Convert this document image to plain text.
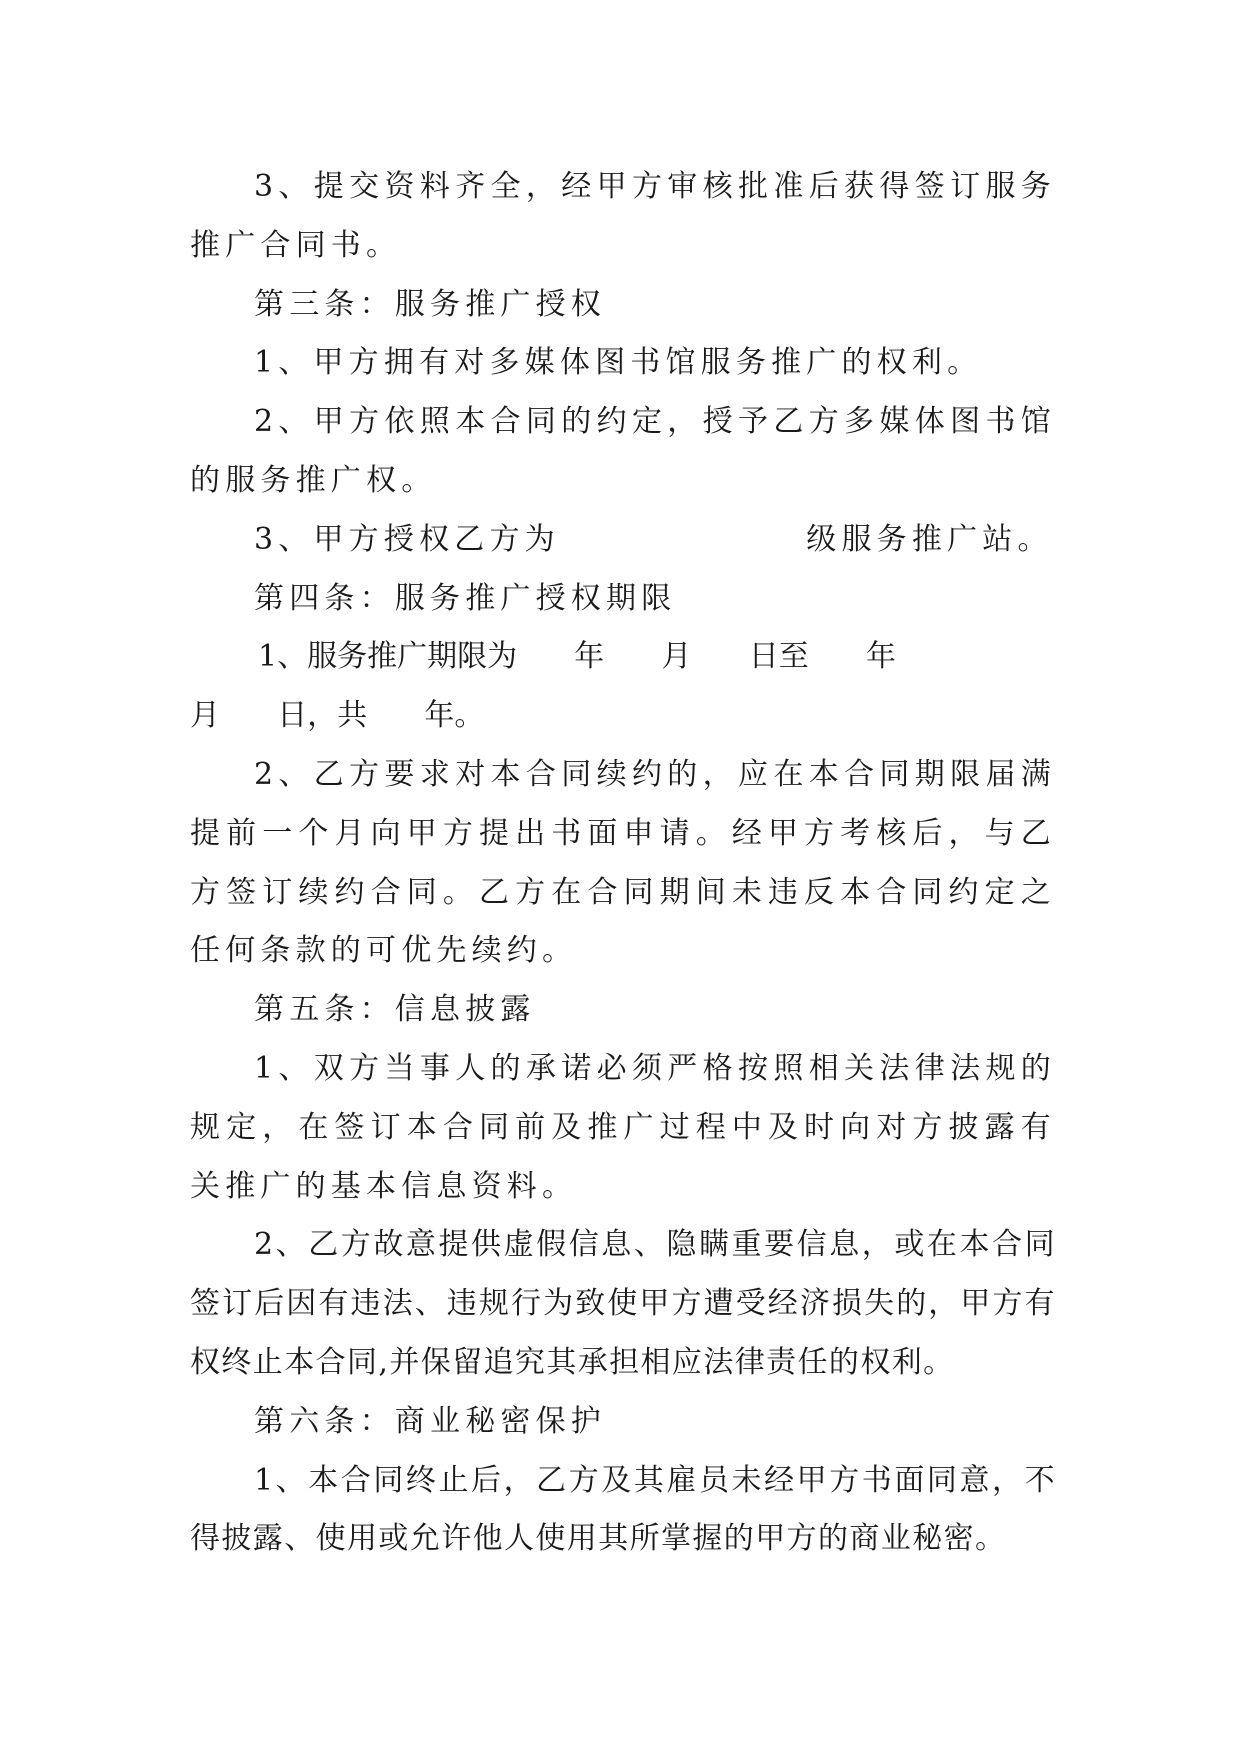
3、提交资料齐全，经甲方审核批准后获得签订服务推广合同书。

第三条：服务推广授权

1、甲方拥有对多媒体图书馆服务推广的权利。

2、甲方依照本合同的约定，授予乙方多媒体图书馆的服务推广权。

3、甲方授权乙方为　　　　　　　级服务推广站。

第四条：服务推广授权期限

1、服务推广期限为      年      月      日至      年
月      日，共      年。

2、乙方要求对本合同续约的，应在本合同期限届满提前一个月向甲方提出书面申请。经甲方考核后，与乙方签订续约合同。乙方在合同期间未违反本合同约定之任何条款的可优先续约。

第五条：信息披露

1、双方当事人的承诺必须严格按照相关法律法规的规定，在签订本合同前及推广过程中及时向对方披露有关推广的基本信息资料。

2、乙方故意提供虚假信息、隐瞒重要信息，或在本合同签订后因有违法、违规行为致使甲方遭受经济损失的，甲方有权终止本合同,并保留追究其承担相应法律责任的权利。

第六条：商业秘密保护

1、本合同终止后，乙方及其雇员未经甲方书面同意，不得披露、使用或允许他人使用其所掌握的甲方的商业秘密。
